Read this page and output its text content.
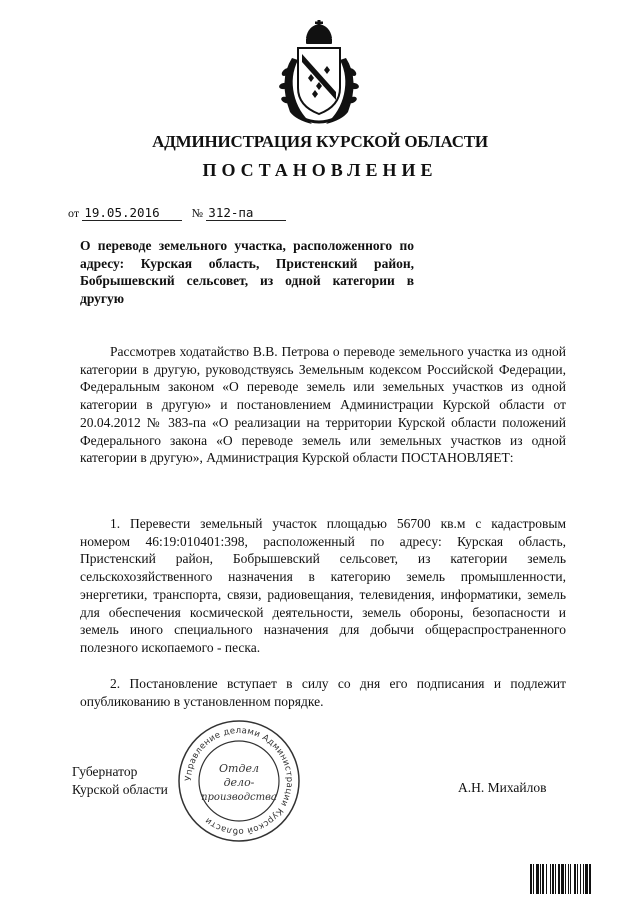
АДМИНИСТРАЦИЯ КУРСКОЙ ОБЛАСТИ
ПОСТАНОВЛЕНИЕ
от 19.05.2016	№ 312-па
О переводе земельного участка, расположенного по адресу: Курская область, Пристенский район, Бобрышевский сельсовет, из одной категории в другую
Рассмотрев ходатайство В.В. Петрова о переводе земельного участка из одной категории в другую, руководствуясь Земельным кодексом Российской Федерации, Федеральным законом «О переводе земель или земельных участков из одной категории в другую» и постановлением Администрации Курской области от 20.04.2012 № 383-па «О реализации на территории Курской области положений Федерального закона «О переводе земель или земельных участков из одной категории в другую», Администрация Курской области ПОСТАНОВЛЯЕТ:
1. Перевести земельный участок площадью 56700 кв.м с кадастровым номером 46:19:010401:398, расположенный по адресу: Курская область, Пристенский район, Бобрышевский сельсовет, из категории земель сельскохозяйственного назначения в категорию земель промышленности, энергетики, транспорта, связи, радиовещания, телевидения, информатики, земель для обеспечения космической деятельности, земель обороны, безопасности и земель иного специального назначения для добычи общераспространенного полезного ископаемого - песка.
2. Постановление вступает в силу со дня его подписания и подлежит опубликованию в установленном порядке.
Губернатор
Курской области	А.Н. Михайлов
Управление делами Администрации Курской области
Отдел
дело-
производства
